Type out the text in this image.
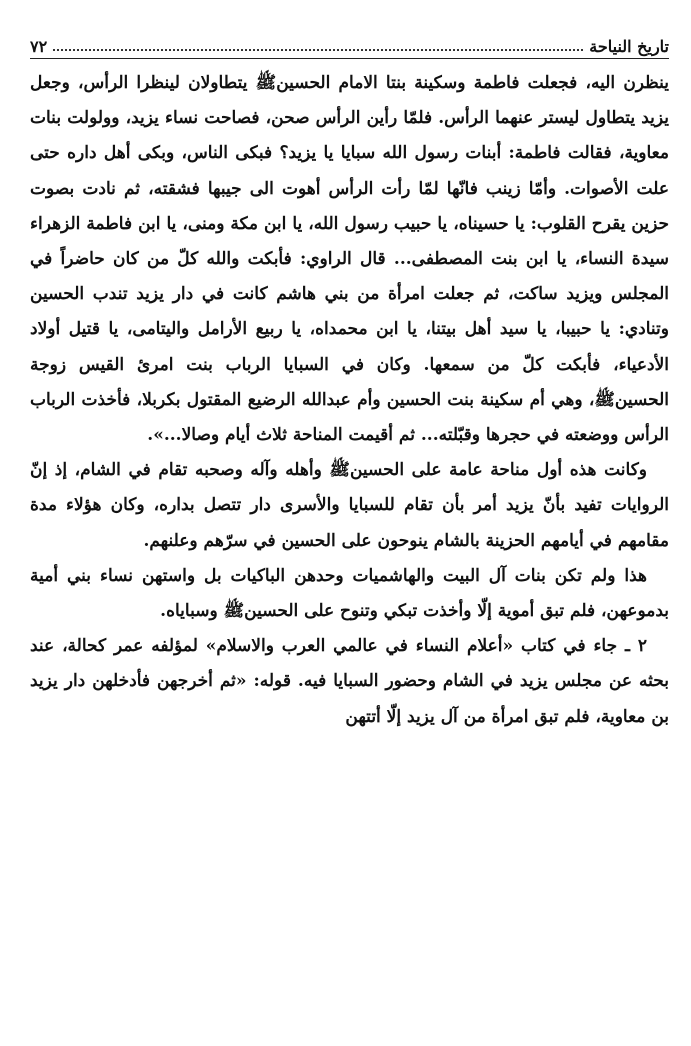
٧٢	تاريخ النياحة

ينظرن اليه، فجعلت فاطمة وسكينة بنتا الامام الحسينﷺ يتطاولان لينظرا الرأس، وجعل يزيد يتطاول ليستر عنهما الرأس. فلمّا رأين الرأس صحن، فصاحت نساء يزيد، وولولت بنات معاوية، فقالت فاطمة: أبنات رسول الله سبايا يا يزيد؟ فبكى الناس، وبكى أهل داره حتى علت الأصوات. وأمّا زينب فانّها لمّا رأت الرأس أهوت الى جيبها فشقته، ثم نادت بصوت حزين يقرح القلوب: يا حسيناه، يا حبيب رسول الله، يا ابن مكة ومنى، يا ابن فاطمة الزهراء سيدة النساء، يا ابن بنت المصطفى... قال الراوي: فأبكت والله كلّ من كان حاضراً في المجلس ويزيد ساكت، ثم جعلت امرأة من بني هاشم كانت في دار يزيد تندب الحسين وتنادي: يا حبيبا، يا سيد أهل بيتنا، يا ابن محمداه، يا ربيع الأرامل واليتامى، يا قتيل أولاد الأدعياء، فأبكت كلّ من سمعها. وكان في السبايا الرباب بنت امرئ القيس زوجة الحسينﷺ، وهي أم سكينة بنت الحسين وأم عبدالله الرضيع المقتول بكربلا، فأخذت الرباب الرأس ووضعته في حجرها وقبّلته... ثم أقيمت المناحة ثلاث أيام وصالا...».

وكانت هذه أول مناحة عامة على الحسينﷺ وأهله وآله وصحبه تقام في الشام، إذ إنّ الروايات تفيد بأنّ يزيد أمر بأن تقام للسبايا والأسرى دار تتصل بداره، وكان هؤلاء مدة مقامهم في أيامهم الحزينة بالشام ينوحون على الحسين في سرّهم وعلنهم.

هذا ولم تكن بنات آل البيت والهاشميات وحدهن الباكيات بل واستهن نساء بني أمية بدموعهن، فلم تبق أموية إلّا وأخذت تبكي وتنوح على الحسينﷺ وسباياه.

٢ ـ جاء في كتاب «أعلام النساء في عالمي العرب والاسلام» لمؤلفه عمر كحالة، عند بحثه عن مجلس يزيد في الشام وحضور السبايا فيه. قوله: «ثم أخرجهن فأدخلهن دار يزيد بن معاوية، فلم تبق امرأة من آل يزيد إلّا أتتهن
